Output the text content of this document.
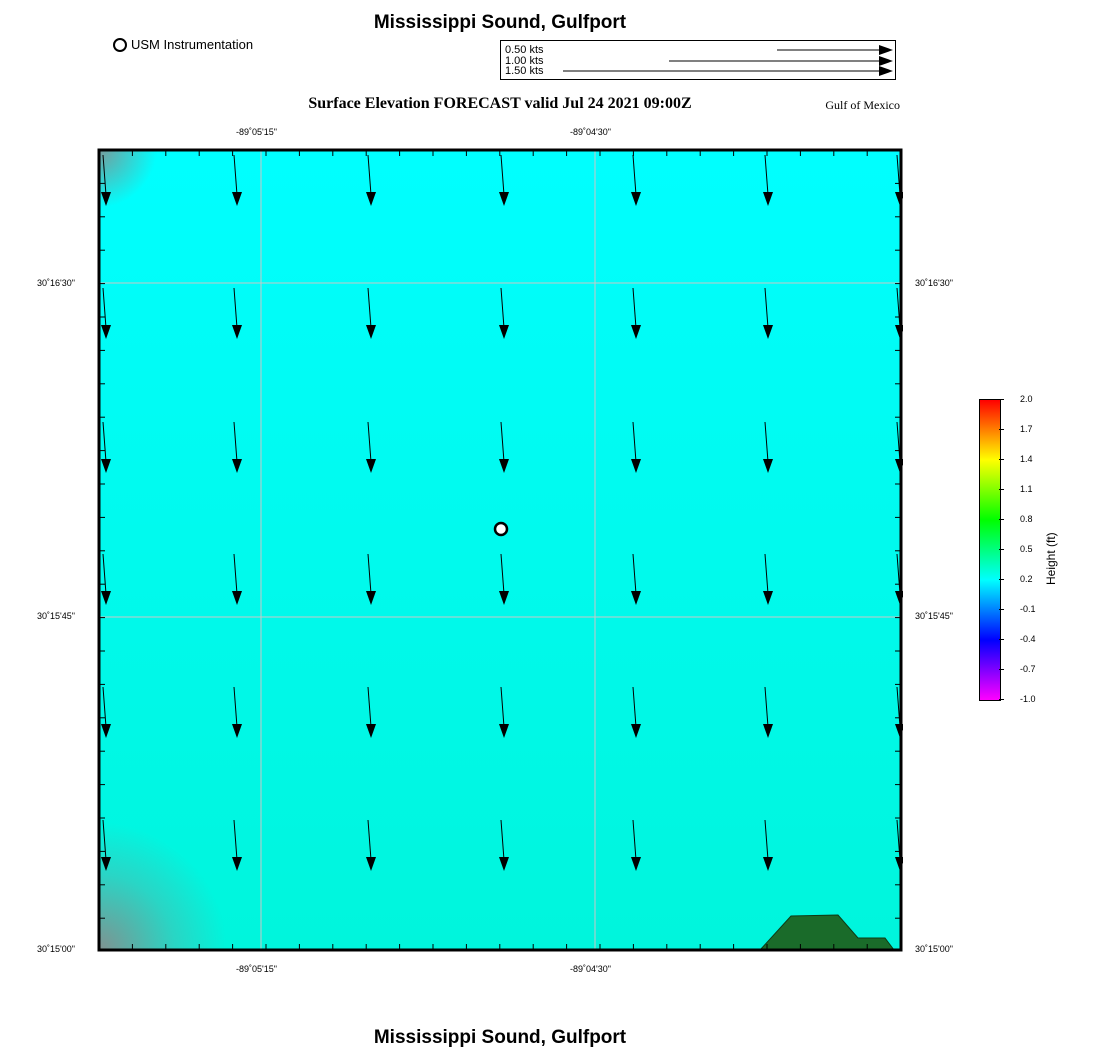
Mississippi Sound, Gulfport
USM Instrumentation	0.50 kts
1.00 kts
1.50 kts
Surface Elevation FORECAST valid Jul 24 2021 09:00Z	Gulf of Mexico
-89˚05'15"	-89˚04'30"
-89˚05'15"	-89˚04'30"
30˚15'00"
30˚15'45"
30˚16'30"
30˚15'00"
30˚15'45"
30˚16'30"
2.0
1.7
1.4
1.1
0.8
0.5
0.2
-0.1
-0.4
-0.7
-1.0
Height (ft)
Mississippi Sound, Gulfport
